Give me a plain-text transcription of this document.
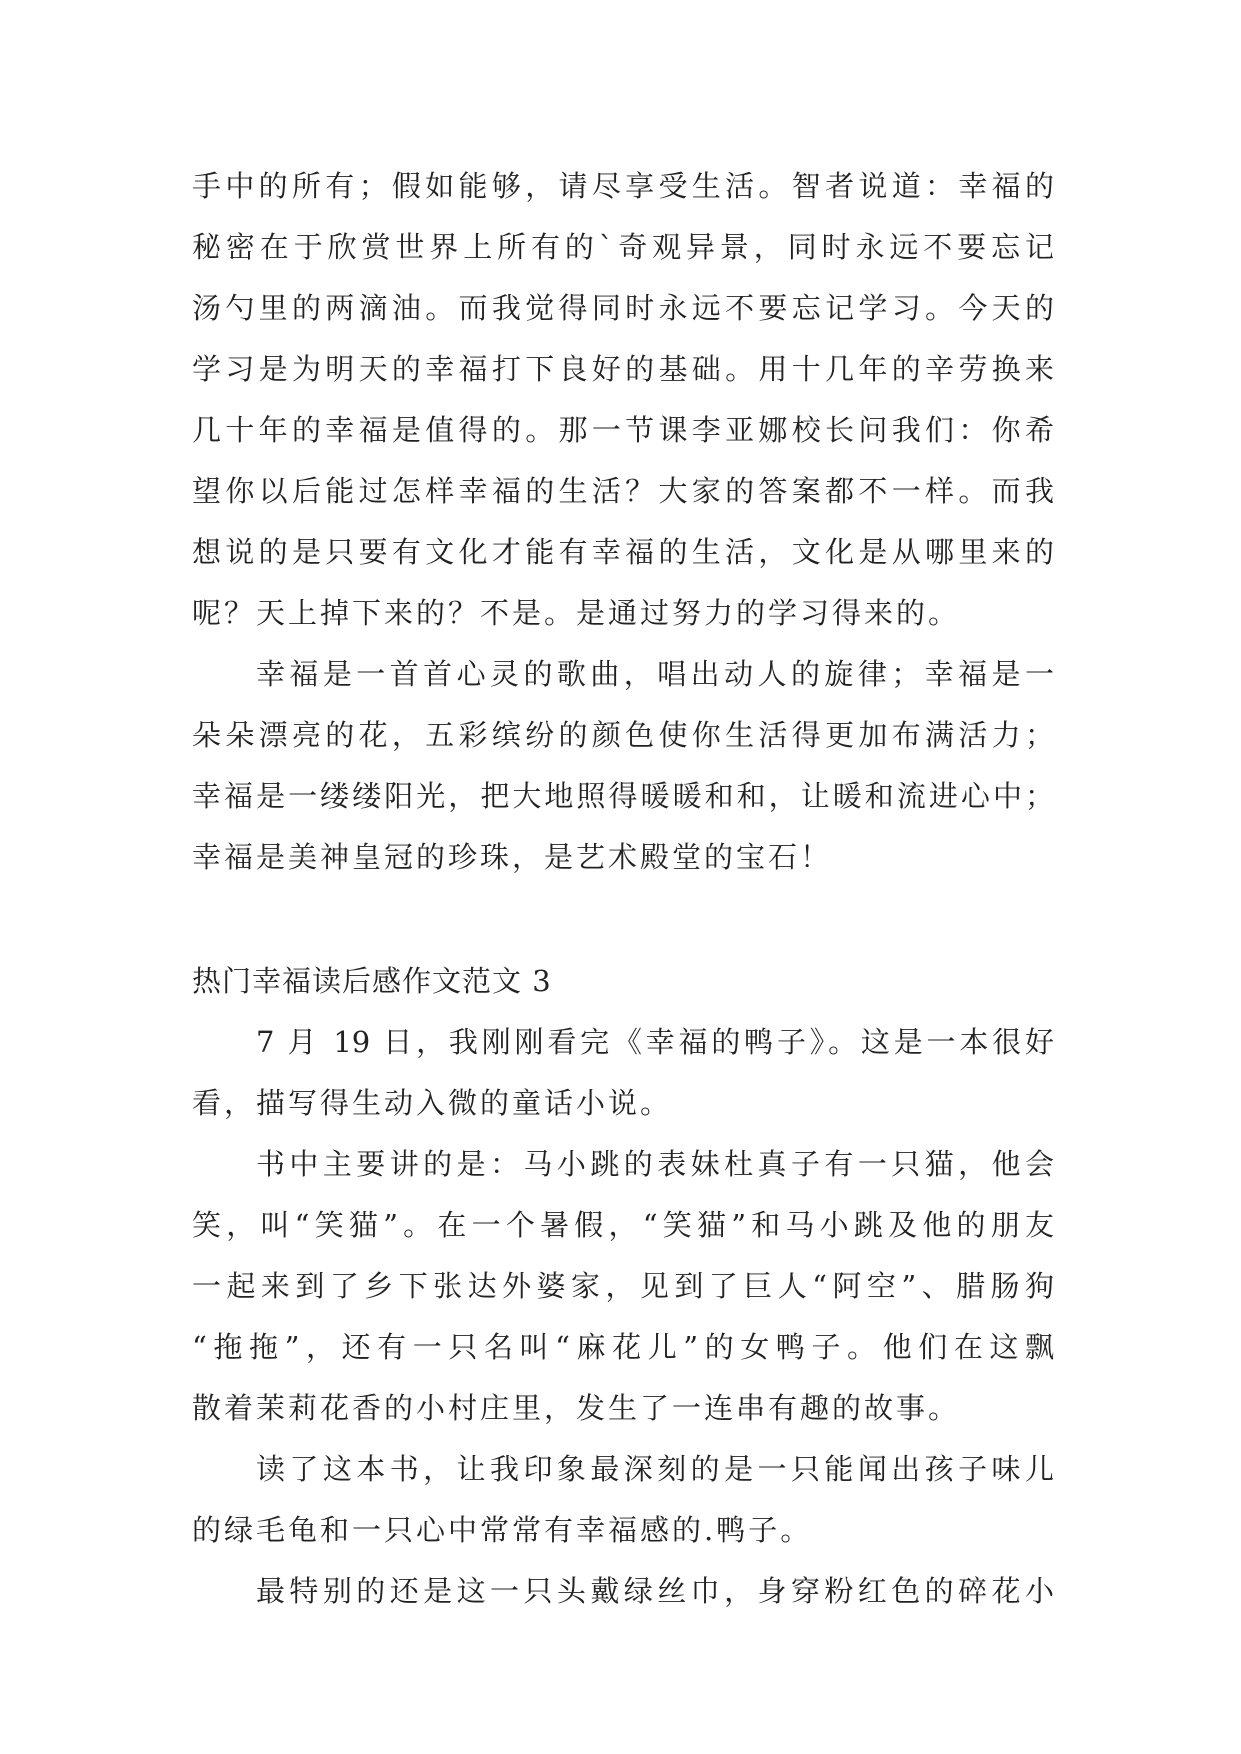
手中的所有；假如能够，请尽享受生活。智者说道：幸福的
秘密在于欣赏世界上所有的`奇观异景，同时永远不要忘记
汤勺里的两滴油。而我觉得同时永远不要忘记学习。今天的
学习是为明天的幸福打下良好的基础。用十几年的辛劳换来
几十年的幸福是值得的。那一节课李亚娜校长问我们：你希
望你以后能过怎样幸福的生活？大家的答案都不一样。而我
想说的是只要有文化才能有幸福的生活，文化是从哪里来的
呢？天上掉下来的？不是。是通过努力的学习得来的。
幸福是一首首心灵的歌曲，唱出动人的旋律；幸福是一
朵朵漂亮的花，五彩缤纷的颜色使你生活得更加布满活力；
幸福是一缕缕阳光，把大地照得暖暖和和，让暖和流进心中；
幸福是美神皇冠的珍珠，是艺术殿堂的宝石！
热门幸福读后感作文范文 3
7 月 19 日，我刚刚看完《幸福的鸭子》。这是一本很好
看，描写得生动入微的童话小说。
书中主要讲的是：马小跳的表妹杜真子有一只猫，他会
笑，叫“笑猫”。在一个暑假，“笑猫”和马小跳及他的朋友
一起来到了乡下张达外婆家，见到了巨人“阿空”、腊肠狗
“拖拖”，还有一只名叫“麻花儿”的女鸭子。他们在这飘
散着茉莉花香的小村庄里，发生了一连串有趣的故事。
读了这本书，让我印象最深刻的是一只能闻出孩子味儿
的绿毛龟和一只心中常常有幸福感的.鸭子。
最特别的还是这一只头戴绿丝巾，身穿粉红色的碎花小
